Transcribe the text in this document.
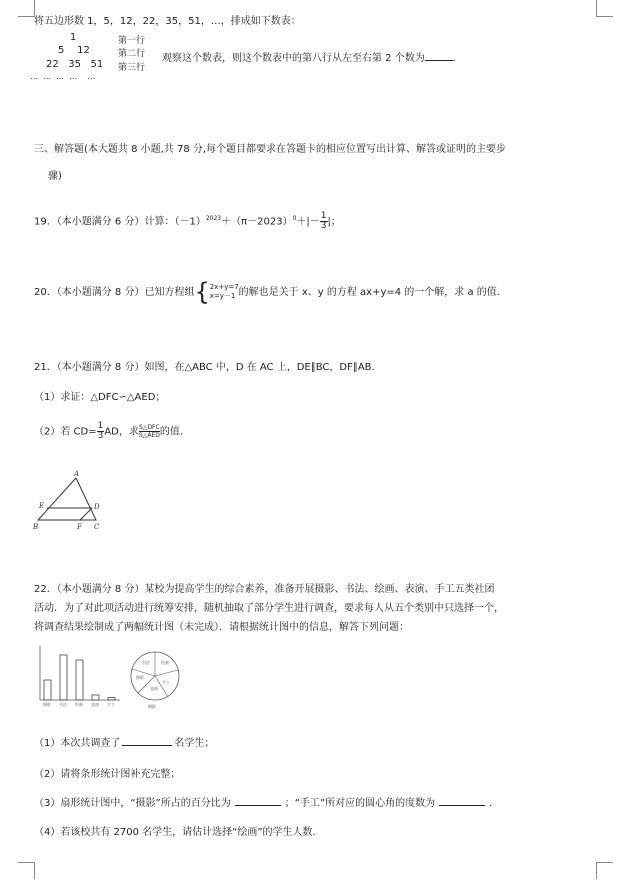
将五边形数 1，5，12，22，35，51，…，排成如下数表：
1	第一行
5    12	第二行
22   35   51 第三行
…  …  …  …    …
观察这个数表，则这个数表中的第八行从左至右第 2 个数为	．
三、解答题(本大题共 8 小题,共 78 分,每个题目都要求在答题卡的相应位置写出计算、解答或证明的主要步
骤)
19．（本小题满分 6 分）计算：$(-1)^{2023}+(\pi-2023)^0+|- \frac{1}{3}$ |；
20．（本小题满分 8 分）已知方程组{ 2x+y=7
x=y－1 的解也是关于 x、y 的方程 ax+y=4 的一个解，求 a 的值.
21．（本小题满分 8 分）如图，在△ABC 中，D 在 AC 上，DE∥BC，DF∥AB.
（1）求证：△DFC∽△AED；
（2）若 $CD= \frac{1}{3}$ AD，求 S△DFC
S△AED 的值.
A
E	D
B	F C
22．（本小题满分 8 分）某校为提高学生的综合素养，准备开展摄影、书法、绘画、表演、手工五类社团
活动．为了对此项活动进行统筹安排，随机抽取了部分学生进行调查，要求每人从五个类别中只选择一个，
将调查结果绘制成了两幅统计图（未完成）．请根据统计图中的信息，解答下列问题：
摄影 书法 绘画 表演 手工
书法	绘画
手工
表演
摄影
摄影
（1）本次共调查了	名学生；
（2）请将条形统计图补充完整；
（3）扇形统计图中，“摄影”所占的百分比为	；“手工”所对应的圆心角的度数为	．
（4）若该校共有 2700 名学生，请估计选择“绘画”的学生人数.
